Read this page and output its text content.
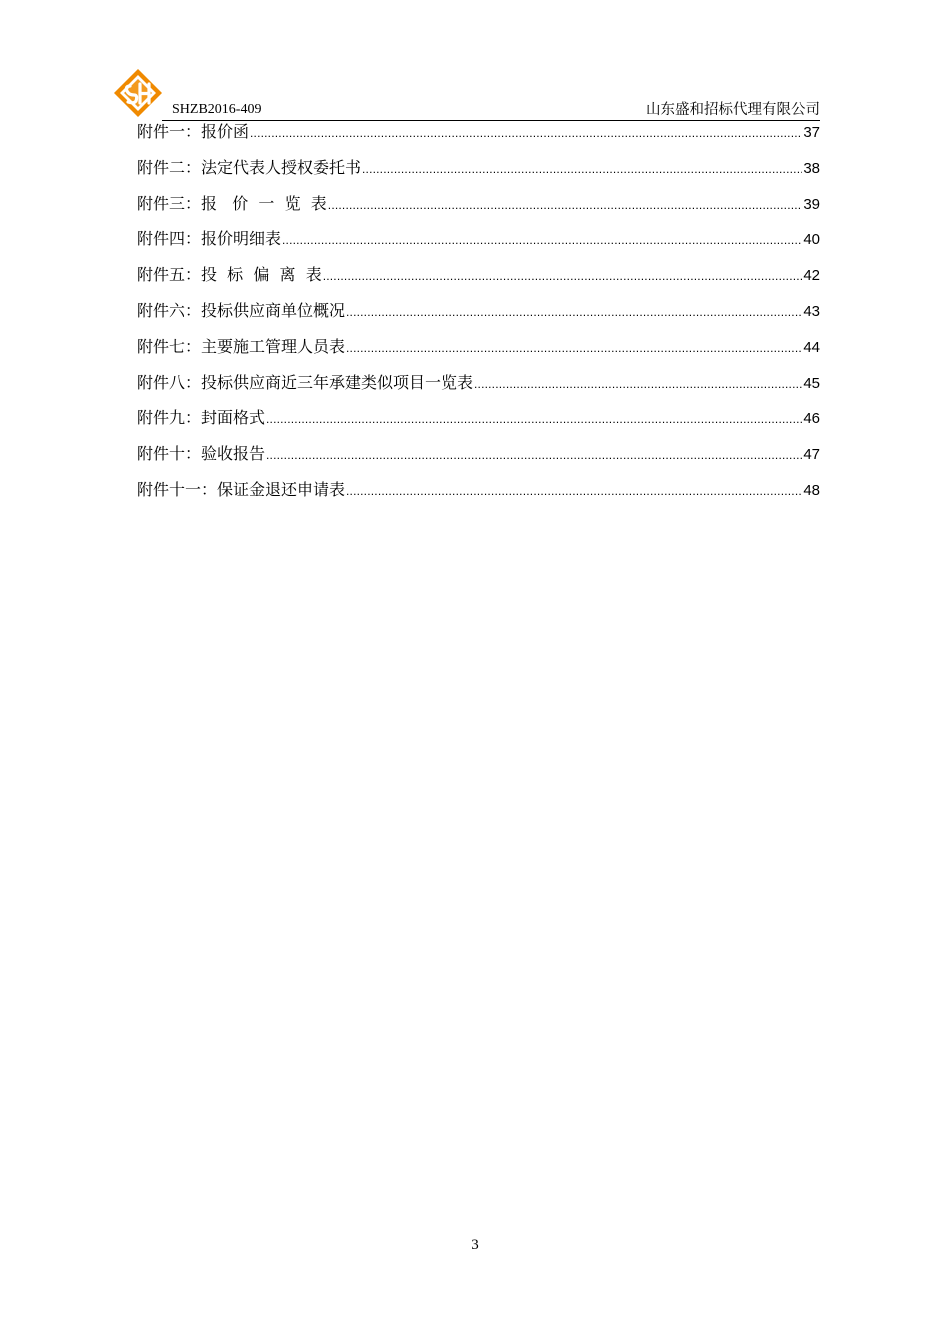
SHZB2016-409	山东盛和招标代理有限公司
附件一：报价函 .....	37
附件二：法定代表人授权委托书 .....	38
附件三：报   价  一  览  表 .....	39
附件四：报价明细表 .....	40
附件五：投  标  偏  离  表 .....	42
附件六：投标供应商单位概况 .....	43
附件七：主要施工管理人员表 .....	44
附件八：投标供应商近三年承建类似项目一览表 .....	45
附件九：封面格式 .....	46
附件十：验收报告 .....	47
附件十一：保证金退还申请表 .....	48
3
